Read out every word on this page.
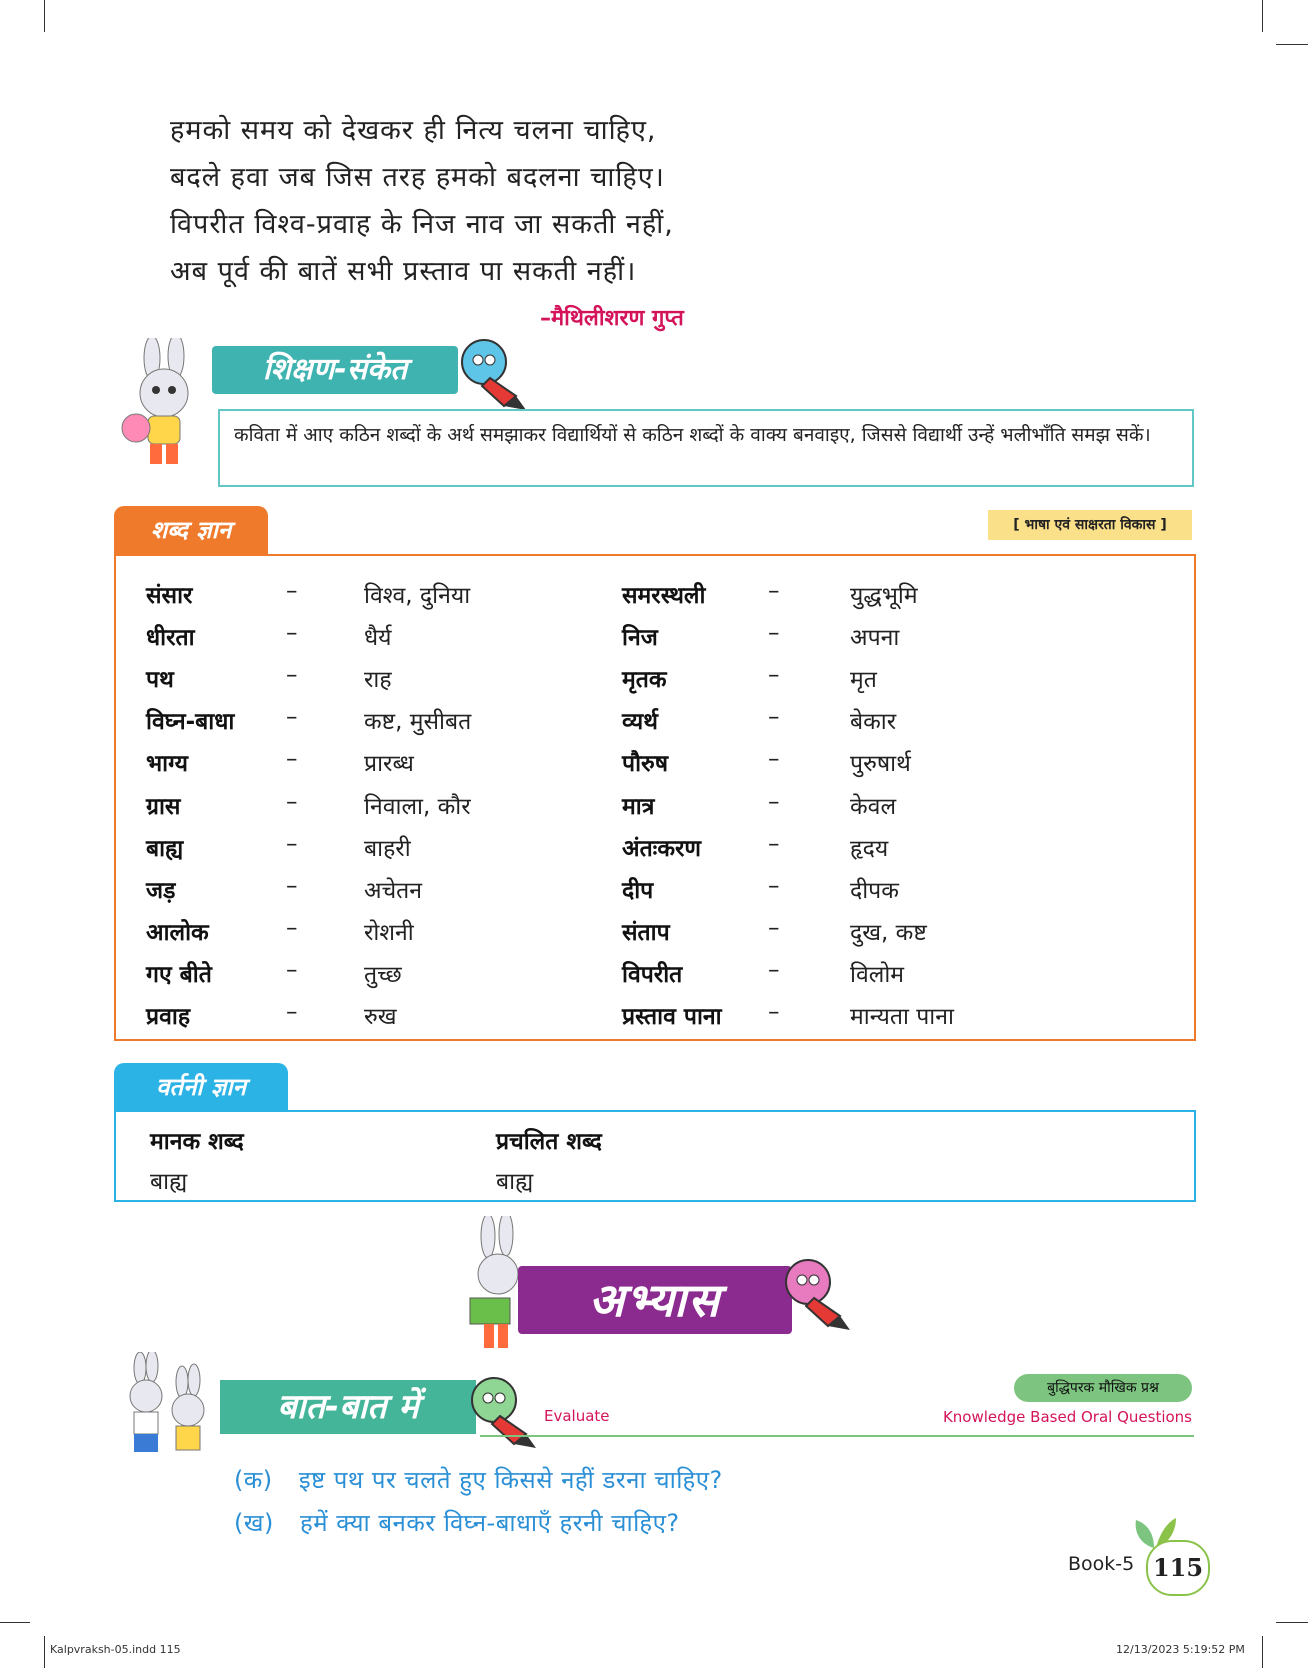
हमको समय को देखकर ही नित्य चलना चाहिए,
बदले हवा जब जिस तरह हमको बदलना चाहिए।
विपरीत विश्व-प्रवाह के निज नाव जा सकती नहीं,
अब पूर्व की बातें सभी प्रस्ताव पा सकती नहीं।
–मैथिलीशरण गुप्त
शिक्षण-संकेत
कविता में आए कठिन शब्दों के अर्थ समझाकर विद्यार्थियों से कठिन शब्दों के वाक्य बनवाइए, जिससे विद्यार्थी उन्हें भलीभाँति समझ सकें।
शब्द ज्ञान	[ भाषा एवं साक्षरता विकास ]
संसार	–	विश्व, दुनिया	समरस्थली	–	युद्धभूमि
धीरता	–	धैर्य	निज	–	अपना
पथ	–	राह	मृतक	–	मृत
विघ्न-बाधा –	कष्ट, मुसीबत	व्यर्थ	–	बेकार
भाग्य	–	प्रारब्ध	पौरुष	–	पुरुषार्थ
ग्रास	–	निवाला, कौर	मात्र	–	केवल
बाह्य	–	बाहरी	अंतःकरण	–	हृदय
जड़	–	अचेतन	दीप	–	दीपक
आलोक	–	रोशनी	संताप	–	दुख, कष्ट
गए बीते	–	तुच्छ	विपरीत	–	विलोम
प्रवाह	–	रुख	प्रस्ताव पाना –	मान्यता पाना
वर्तनी ज्ञान
मानक शब्द	प्रचलित शब्द
बाह्य	बाह्य
अभ्यास
बात-बात में	Evaluate
बुद्धिपरक मौखिक प्रश्न
Knowledge Based Oral Questions
(क) इष्ट पथ पर चलते हुए किससे नहीं डरना चाहिए?
(ख) हमें क्या बनकर विघ्न-बाधाएँ हरनी चाहिए?
Book-5 115
Kalpvraksh-05.indd 115	12/13/2023 5:19:52 PM
